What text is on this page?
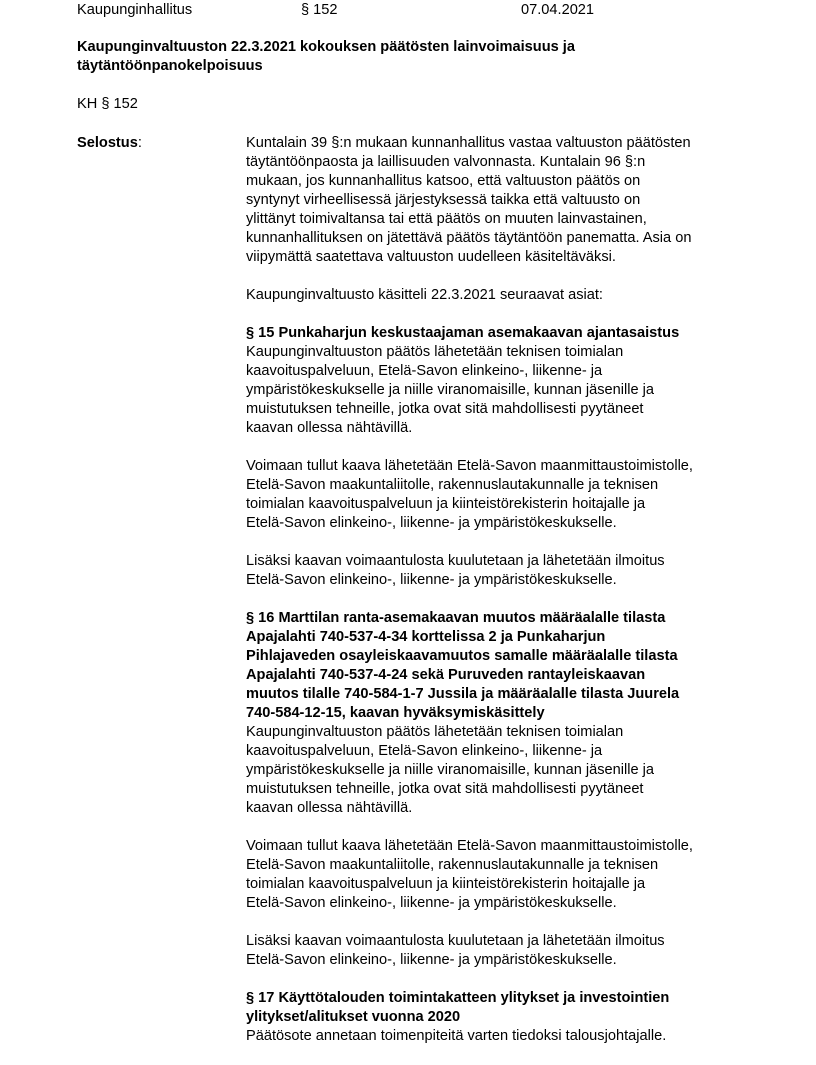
Kaupunginhallitus	§ 152	07.04.2021
Kaupunginvaltuuston 22.3.2021 kokouksen päätösten lainvoimaisuus ja
täytäntöönpanokelpoisuus
KH § 152
Selostus:	Kuntalain 39 §:n mukaan kunnanhallitus vastaa valtuuston päätösten
täytäntöönpaosta ja laillisuuden valvonnasta. Kuntalain 96 §:n
mukaan, jos kunnanhallitus katsoo, että valtuuston päätös on
syntynyt virheellisessä järjestyksessä taikka että valtuusto on
ylittänyt toimivaltansa tai että päätös on muuten lainvastainen,
kunnanhallituksen on jätettävä päätös täytäntöön panematta. Asia on
viipymättä saatettava valtuuston uudelleen käsiteltäväksi.

Kaupunginvaltuusto käsitteli 22.3.2021 seuraavat asiat:

§ 15 Punkaharjun keskustaajaman asemakaavan ajantasaistus

Kaupunginvaltuuston päätös lähetetään teknisen toimialan
kaavoituspalveluun, Etelä-Savon elinkeino-, liikenne- ja
ympäristökeskukselle ja niille viranomaisille, kunnan jäsenille ja
muistutuksen tehneille, jotka ovat sitä mahdollisesti pyytäneet
kaavan ollessa nähtävillä.

Voimaan tullut kaava lähetetään Etelä-Savon maanmittaustoimistolle,
Etelä-Savon maakuntaliitolle, rakennuslautakunnalle ja teknisen
toimialan kaavoituspalveluun ja kiinteistörekisterin hoitajalle ja
Etelä-Savon elinkeino-, liikenne- ja ympäristökeskukselle.

Lisäksi kaavan voimaantulosta kuulutetaan ja lähetetään ilmoitus
Etelä-Savon elinkeino-, liikenne- ja ympäristökeskukselle.

§ 16 Marttilan ranta-asemakaavan muutos määräalalle tilasta
Apajalahti 740-537-4-34 korttelissa 2 ja Punkaharjun
Pihlajaveden osayleiskaavamuutos samalle määräalalle tilasta
Apajalahti 740-537-4-24 sekä Puruveden rantayleiskaavan
muutos tilalle 740-584-1-7 Jussila ja määräalalle tilasta Juurela
740-584-12-15, kaavan hyväksymiskäsittely

Kaupunginvaltuuston päätös lähetetään teknisen toimialan
kaavoituspalveluun, Etelä-Savon elinkeino-, liikenne- ja
ympäristökeskukselle ja niille viranomaisille, kunnan jäsenille ja
muistutuksen tehneille, jotka ovat sitä mahdollisesti pyytäneet
kaavan ollessa nähtävillä.

Voimaan tullut kaava lähetetään Etelä-Savon maanmittaustoimistolle,
Etelä-Savon maakuntaliitolle, rakennuslautakunnalle ja teknisen
toimialan kaavoituspalveluun ja kiinteistörekisterin hoitajalle ja
Etelä-Savon elinkeino-, liikenne- ja ympäristökeskukselle.

Lisäksi kaavan voimaantulosta kuulutetaan ja lähetetään ilmoitus
Etelä-Savon elinkeino-, liikenne- ja ympäristökeskukselle.

§ 17 Käyttötalouden toimintakatteen ylitykset ja investointien
ylitykset/alitukset vuonna 2020

Päätösote annetaan toimenpiteitä varten tiedoksi talousjohtajalle.
